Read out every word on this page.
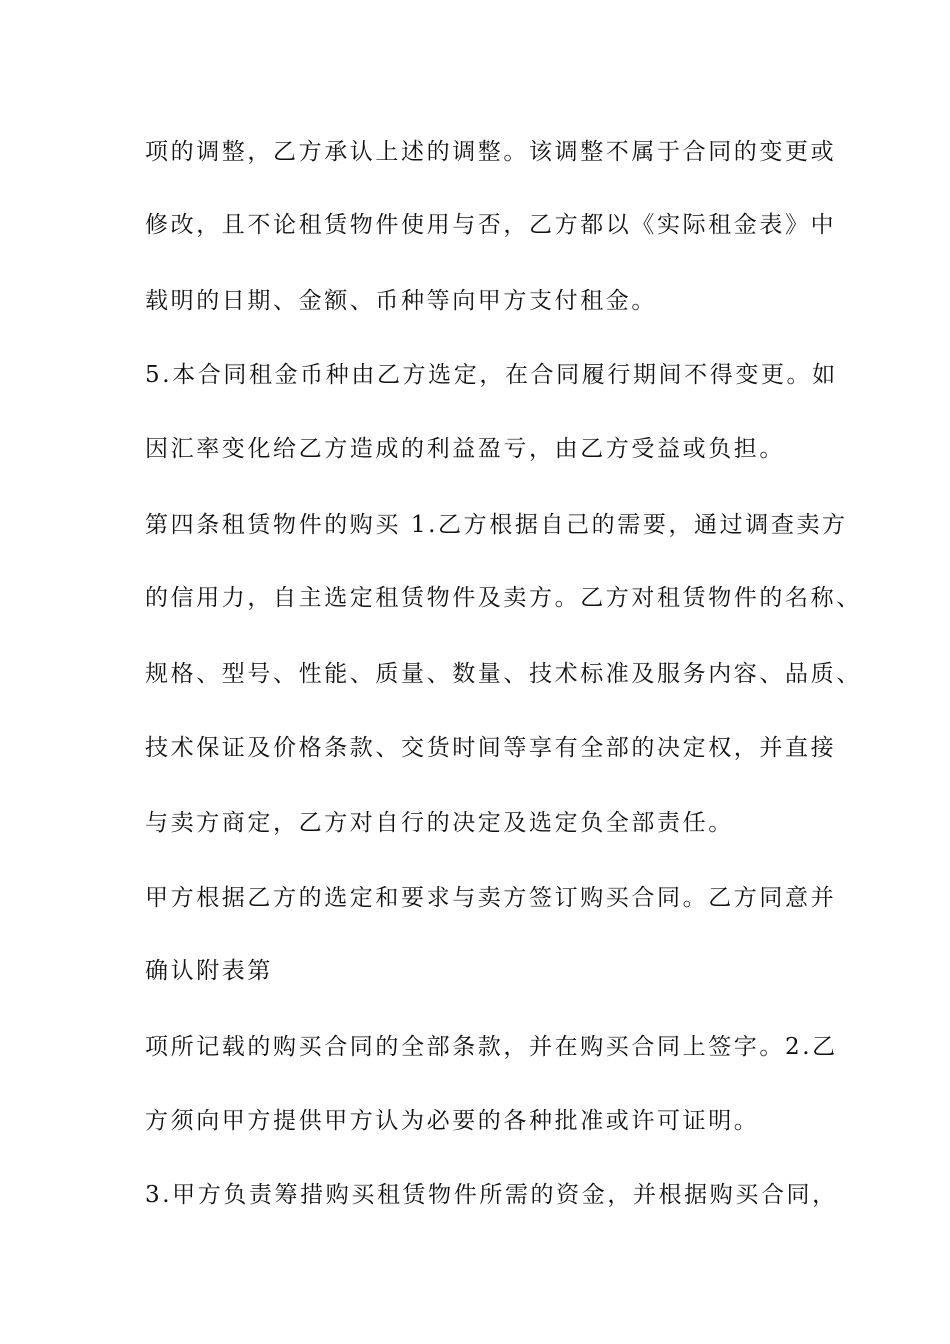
项的调整，乙方承认上述的调整。该调整不属于合同的变更或
修改，且不论租赁物件使用与否，乙方都以《实际租金表》中
载明的日期、金额、币种等向甲方支付租金。
5.本合同租金币种由乙方选定，在合同履行期间不得变更。如
因汇率变化给乙方造成的利益盈亏，由乙方受益或负担。
第四条租赁物件的购买 1.乙方根据自己的需要，通过调查卖方
的信用力，自主选定租赁物件及卖方。乙方对租赁物件的名称、
规格、型号、性能、质量、数量、技术标准及服务内容、品质、
技术保证及价格条款、交货时间等享有全部的决定权，并直接
与卖方商定，乙方对自行的决定及选定负全部责任。
甲方根据乙方的选定和要求与卖方签订购买合同。乙方同意并
确认附表第
项所记载的购买合同的全部条款，并在购买合同上签字。2.乙
方须向甲方提供甲方认为必要的各种批准或许可证明。
3.甲方负责筹措购买租赁物件所需的资金，并根据购买合同，
